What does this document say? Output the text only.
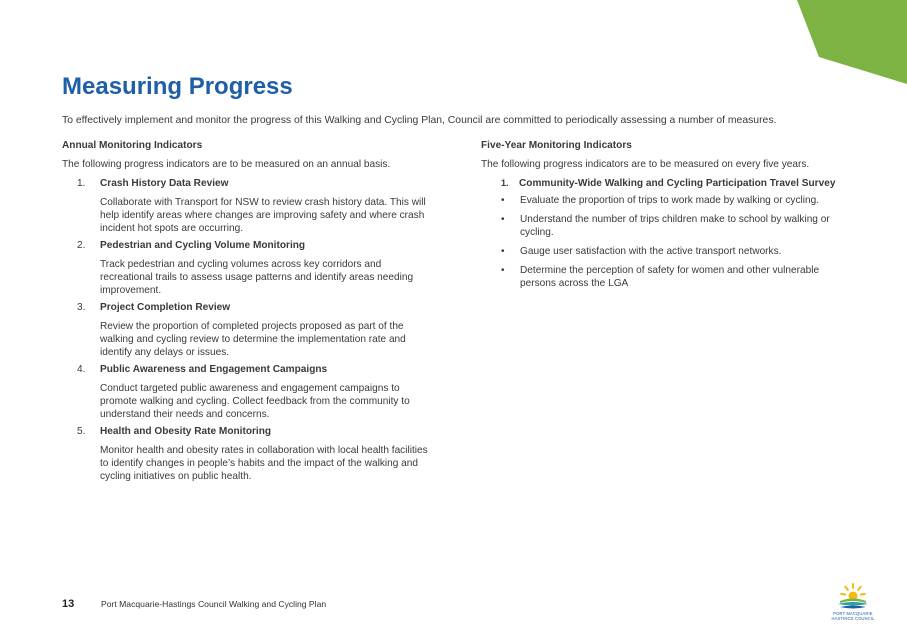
Measuring Progress
To effectively implement and monitor the progress of this Walking and Cycling Plan, Council are committed to periodically assessing a number of measures.
Annual Monitoring Indicators
The following progress indicators are to be measured on an annual basis.
1. Crash History Data Review
Collaborate with Transport for NSW to review crash history data. This will help identify areas where changes are improving safety and where crash incident hot spots are occurring.
2. Pedestrian and Cycling Volume Monitoring
Track pedestrian and cycling volumes across key corridors and recreational trails to assess usage patterns and identify areas needing improvement.
3. Project Completion Review
Review the proportion of completed projects proposed as part of the walking and cycling review to determine the implementation rate and identify any delays or issues.
4. Public Awareness and Engagement Campaigns
Conduct targeted public awareness and engagement campaigns to promote walking and cycling. Collect feedback from the community to understand their needs and concerns.
5. Health and Obesity Rate Monitoring
Monitor health and obesity rates in collaboration with local health facilities to identify changes in people’s habits and the impact of the walking and cycling initiatives on public health.
Five-Year Monitoring Indicators
The following progress indicators are to be measured on every five years.
1. Community-Wide Walking and Cycling Participation Travel Survey
• Evaluate the proportion of trips to work made by walking or cycling.
• Understand the number of trips children make to school by walking or cycling.
• Gauge user satisfaction with the active transport networks.
• Determine the perception of safety for women and other vulnerable persons across the LGA
13	Port Macquarie-Hastings Council Walking and Cycling Plan
PORT MACQUARIE
HASTINGS COUNCIL
